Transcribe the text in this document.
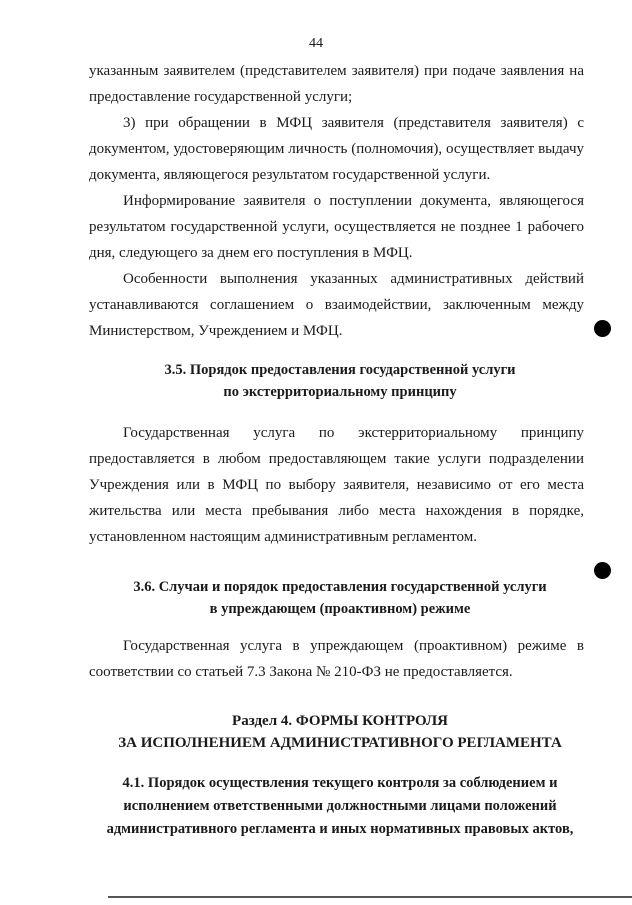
44

указанным заявителем (представителем заявителя) при подаче заявления на предоставление государственной услуги;

3) при обращении в МФЦ заявителя (представителя заявителя) с документом, удостоверяющим личность (полномочия), осуществляет выдачу документа, являющегося результатом государственной услуги.

Информирование заявителя о поступлении документа, являющегося результатом государственной услуги, осуществляется не позднее 1 рабочего дня, следующего за днем его поступления в МФЦ.

Особенности выполнения указанных административных действий устанавливаются соглашением о взаимодействии, заключенным между Министерством, Учреждением и МФЦ.

3.5. Порядок предоставления государственной услуги
по экстерриториальному принципу

Государственная услуга по экстерриториальному принципу предоставляется в любом предоставляющем такие услуги подразделении Учреждения или в МФЦ по выбору заявителя, независимо от его места жительства или места пребывания либо места нахождения в порядке, установленном настоящим административным регламентом.

3.6. Случаи и порядок предоставления государственной услуги
в упреждающем (проактивном) режиме

Государственная услуга в упреждающем (проактивном) режиме в соответствии со статьей 7.3 Закона № 210-ФЗ не предоставляется.

Раздел 4. ФОРМЫ КОНТРОЛЯ
ЗА ИСПОЛНЕНИЕМ АДМИНИСТРАТИВНОГО РЕГЛАМЕНТА
4.1. Порядок осуществления текущего контроля за соблюдением и
исполнением ответственными должностными лицами положений
административного регламента и иных нормативных правовых актов,
